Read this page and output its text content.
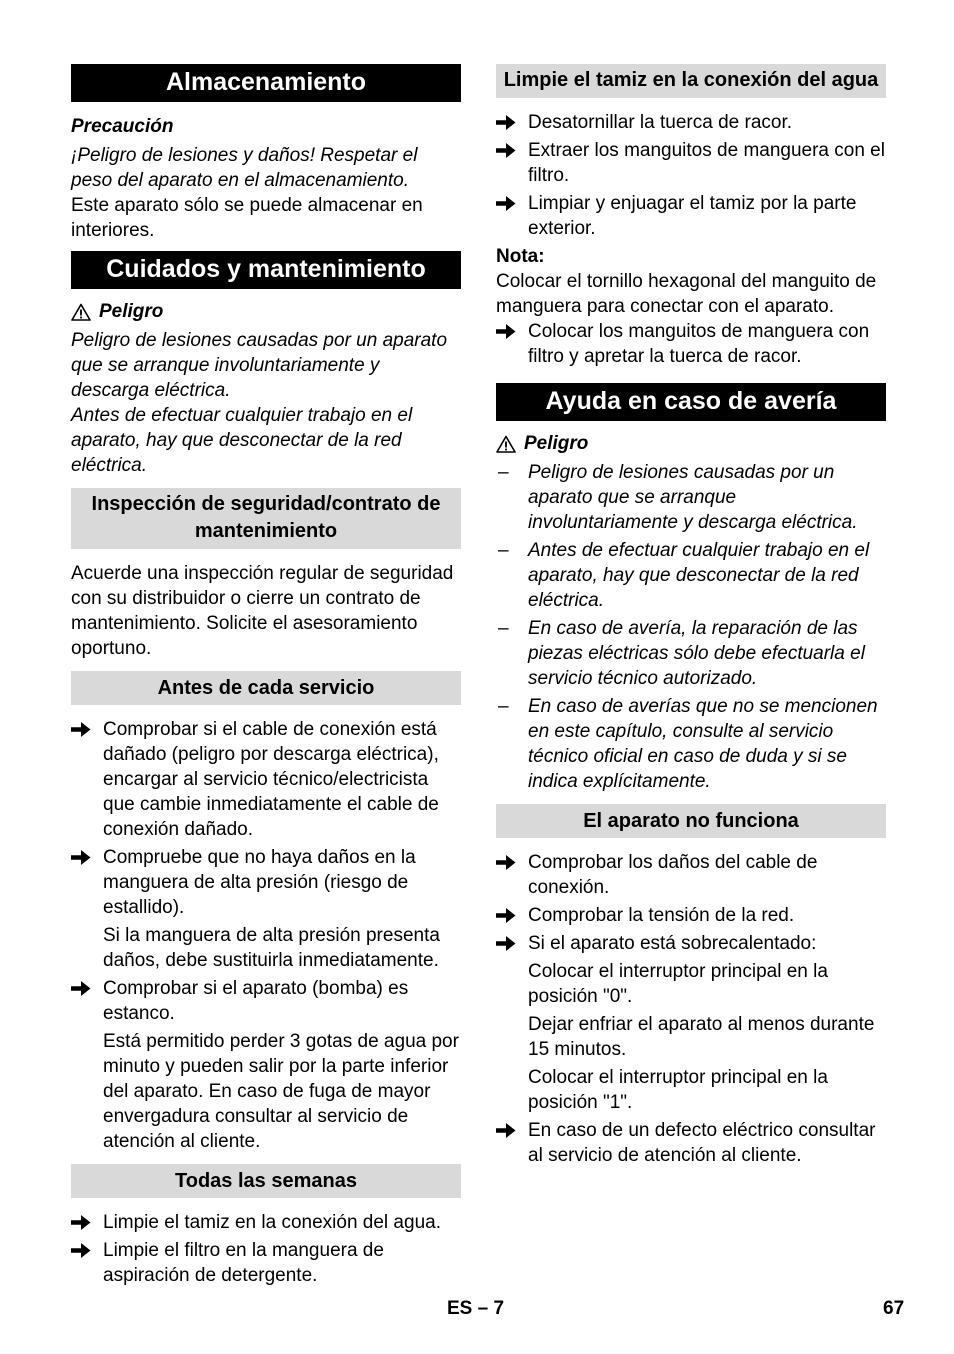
Almacenamiento

Precaución

¡Peligro de lesiones y daños! Respetar el peso del aparato en el almacenamiento.

Este aparato sólo se puede almacenar en interiores.

Cuidados y mantenimiento
Peligro

Peligro de lesiones causadas por un aparato que se arranque involuntariamente y descarga eléctrica.

Antes de efectuar cualquier trabajo en el aparato, hay que desconectar de la red eléctrica.

Inspección de seguridad/contrato de mantenimiento

Acuerde una inspección regular de seguridad con su distribuidor o cierre un contrato de mantenimiento. Solicite el asesoramiento oportuno.

Antes de cada servicio
Comprobar si el cable de conexión está dañado (peligro por descarga eléctrica), encargar al servicio técnico/electricista que cambie inmediatamente el cable de conexión dañado.
Compruebe que no haya daños en la manguera de alta presión (riesgo de estallido).
Si la manguera de alta presión presenta daños, debe sustituirla inmediatamente.
Comprobar si el aparato (bomba) es estanco.
Está permitido perder 3 gotas de agua por minuto y pueden salir por la parte inferior del aparato. En caso de fuga de mayor envergadura consultar al servicio de atención al cliente.
Todas las semanas
Limpie el tamiz en la conexión del agua.
Limpie el filtro en la manguera de aspiración de detergente.
Limpie el tamiz en la conexión del agua
Desatornillar la tuerca de racor.
Extraer los manguitos de manguera con el filtro.
Limpiar y enjuagar el tamiz por la parte exterior.

Nota:

Colocar el tornillo hexagonal del manguito de manguera para conectar con el aparato.

Colocar los manguitos de manguera con filtro y apretar la tuerca de racor.
Ayuda en caso de avería
Peligro
– Peligro de lesiones causadas por un aparato que se arranque involuntariamente y descarga eléctrica.
– Antes de efectuar cualquier trabajo en el aparato, hay que desconectar de la red eléctrica.
– En caso de avería, la reparación de las piezas eléctricas sólo debe efectuarla el servicio técnico autorizado.
– En caso de averías que no se mencionen en este capítulo, consulte al servicio técnico oficial en caso de duda y si se indica explícitamente.
El aparato no funciona
Comprobar los daños del cable de conexión.
Comprobar la tensión de la red.
Si el aparato está sobrecalentado:
Colocar el interruptor principal en la posición "0".
Dejar enfriar el aparato al menos durante 15 minutos.
Colocar el interruptor principal en la posición "1".
En caso de un defecto eléctrico consultar al servicio de atención al cliente.
ES – 7	67
